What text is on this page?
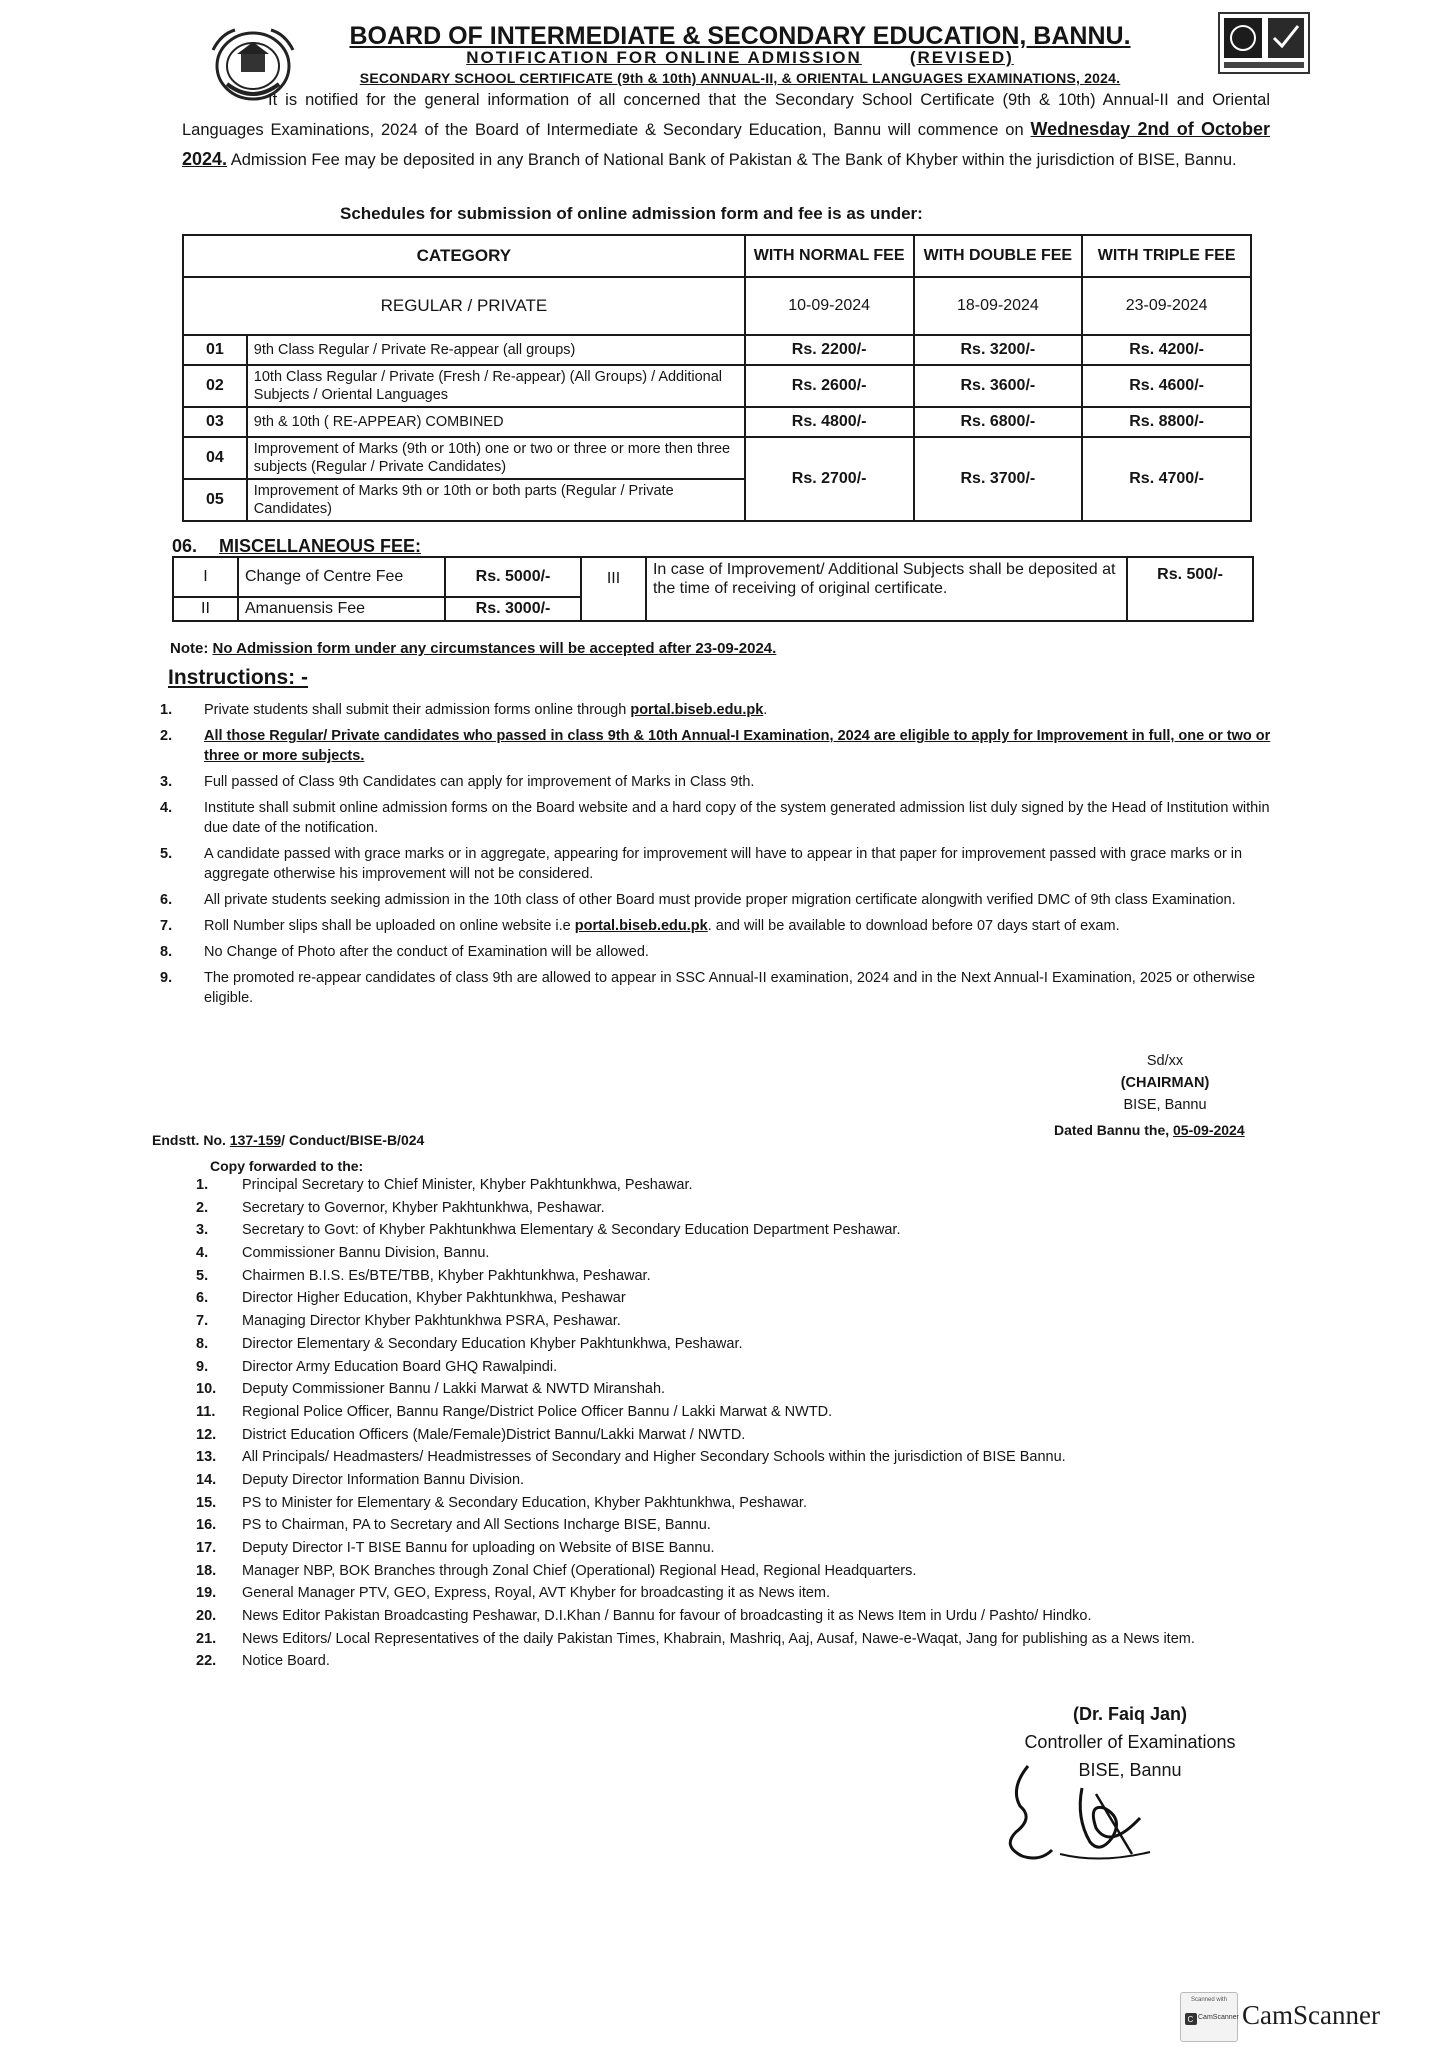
BOARD OF INTERMEDIATE & SECONDARY EDUCATION, BANNU.
NOTIFICATION FOR ONLINE ADMISSION	(REVISED)
SECONDARY SCHOOL CERTIFICATE (9th & 10th) ANNUAL-II, & ORIENTAL LANGUAGES EXAMINATIONS, 2024.
It is notified for the general information of all concerned that the Secondary School Certificate (9th & 10th) Annual-II and Oriental Languages Examinations, 2024 of the Board of Intermediate & Secondary Education, Bannu will commence on Wednesday 2nd of October 2024. Admission Fee may be deposited in any Branch of National Bank of Pakistan & The Bank of Khyber within the jurisdiction of BISE, Bannu.
Schedules for submission of online admission form and fee is as under:
CATEGORY		WITH NORMAL FEE	WITH DOUBLE FEE	WITH TRIPLE FEE
REGULAR / PRIVATE		10-09-2024	18-09-2024	23-09-2024
01	9th Class Regular / Private Re-appear (all groups)	Rs. 2200/-	Rs. 3200/-	Rs. 4200/-
02	10th Class Regular / Private (Fresh / Re-appear) (All Groups) / Additional Subjects / Oriental Languages	Rs. 2600/-	Rs. 3600/-	Rs. 4600/-
03	9th & 10th ( RE-APPEAR) COMBINED	Rs. 4800/-	Rs. 6800/-	Rs. 8800/-
04	Improvement of Marks (9th or 10th) one or two or three or more then three subjects (Regular / Private Candidates)	Rs. 2700/-	Rs. 3700/-	Rs. 4700/-
05	Improvement of Marks 9th or 10th or both parts (Regular / Private Candidates)			
06. MISCELLANEOUS FEE:
I	Change of Centre Fee	Rs. 5000/-	III	In case of Improvement/ Additional Subjects shall be deposited at the time of receiving of original certificate.	Rs. 500/-
II	Amanuensis Fee	Rs. 3000/-			
Note: No Admission form under any circumstances will be accepted after 23-09-2024.
Instructions: -
1. Private students shall submit their admission forms online through portal.biseb.edu.pk.
2. All those Regular/ Private candidates who passed in class 9th & 10th Annual-I Examination, 2024 are eligible to apply for Improvement in full, one or two or three or more subjects.
3. Full passed of Class 9th Candidates can apply for improvement of Marks in Class 9th.
4. Institute shall submit online admission forms on the Board website and a hard copy of the system generated admission list duly signed by the Head of Institution within due date of the notification.
5. A candidate passed with grace marks or in aggregate, appearing for improvement will have to appear in that paper for improvement passed with grace marks or in aggregate otherwise his improvement will not be considered.
6. All private students seeking admission in the 10th class of other Board must provide proper migration certificate alongwith verified DMC of 9th class Examination.
7. Roll Number slips shall be uploaded on online website i.e portal.biseb.edu.pk. and will be available to download before 07 days start of exam.
8. No Change of Photo after the conduct of Examination will be allowed.
9. The promoted re-appear candidates of class 9th are allowed to appear in SSC Annual-II examination, 2024 and in the Next Annual-I Examination, 2025 or otherwise eligible.
Sd/xx
(CHAIRMAN)
BISE, Bannu
Dated Bannu the, 05-09-2024
Endstt. No. 137-159/ Conduct/BISE-B/024
Copy forwarded to the:
1. Principal Secretary to Chief Minister, Khyber Pakhtunkhwa, Peshawar.
2. Secretary to Governor, Khyber Pakhtunkhwa, Peshawar.
3. Secretary to Govt: of Khyber Pakhtunkhwa Elementary & Secondary Education Department Peshawar.
4. Commissioner Bannu Division, Bannu.
5. Chairmen B.I.S. Es/BTE/TBB, Khyber Pakhtunkhwa, Peshawar.
6. Director Higher Education, Khyber Pakhtunkhwa, Peshawar
7. Managing Director Khyber Pakhtunkhwa PSRA, Peshawar.
8. Director Elementary & Secondary Education Khyber Pakhtunkhwa, Peshawar.
9. Director Army Education Board GHQ Rawalpindi.
10. Deputy Commissioner Bannu / Lakki Marwat & NWTD Miranshah.
11. Regional Police Officer, Bannu Range/District Police Officer Bannu / Lakki Marwat & NWTD.
12. District Education Officers (Male/Female)District Bannu/Lakki Marwat / NWTD.
13. All Principals/ Headmasters/ Headmistresses of Secondary and Higher Secondary Schools within the jurisdiction of BISE Bannu.
14. Deputy Director Information Bannu Division.
15. PS to Minister for Elementary & Secondary Education, Khyber Pakhtunkhwa, Peshawar.
16. PS to Chairman, PA to Secretary and All Sections Incharge BISE, Bannu.
17. Deputy Director I-T BISE Bannu for uploading on Website of BISE Bannu.
18. Manager NBP, BOK Branches through Zonal Chief (Operational) Regional Head, Regional Headquarters.
19. General Manager PTV, GEO, Express, Royal, AVT Khyber for broadcasting it as News item.
20. News Editor Pakistan Broadcasting Peshawar, D.I.Khan / Bannu for favour of broadcasting it as News Item in Urdu / Pashto/ Hindko.
21. News Editors/ Local Representatives of the daily Pakistan Times, Khabrain, Mashriq, Aaj, Ausaf, Nawe-e-Waqat, Jang for publishing as a News item.
22. Notice Board.
(Dr. Faiq Jan)
Controller of Examinations
BISE, Bannu
Scanned with
C CamScanner CamScanner
